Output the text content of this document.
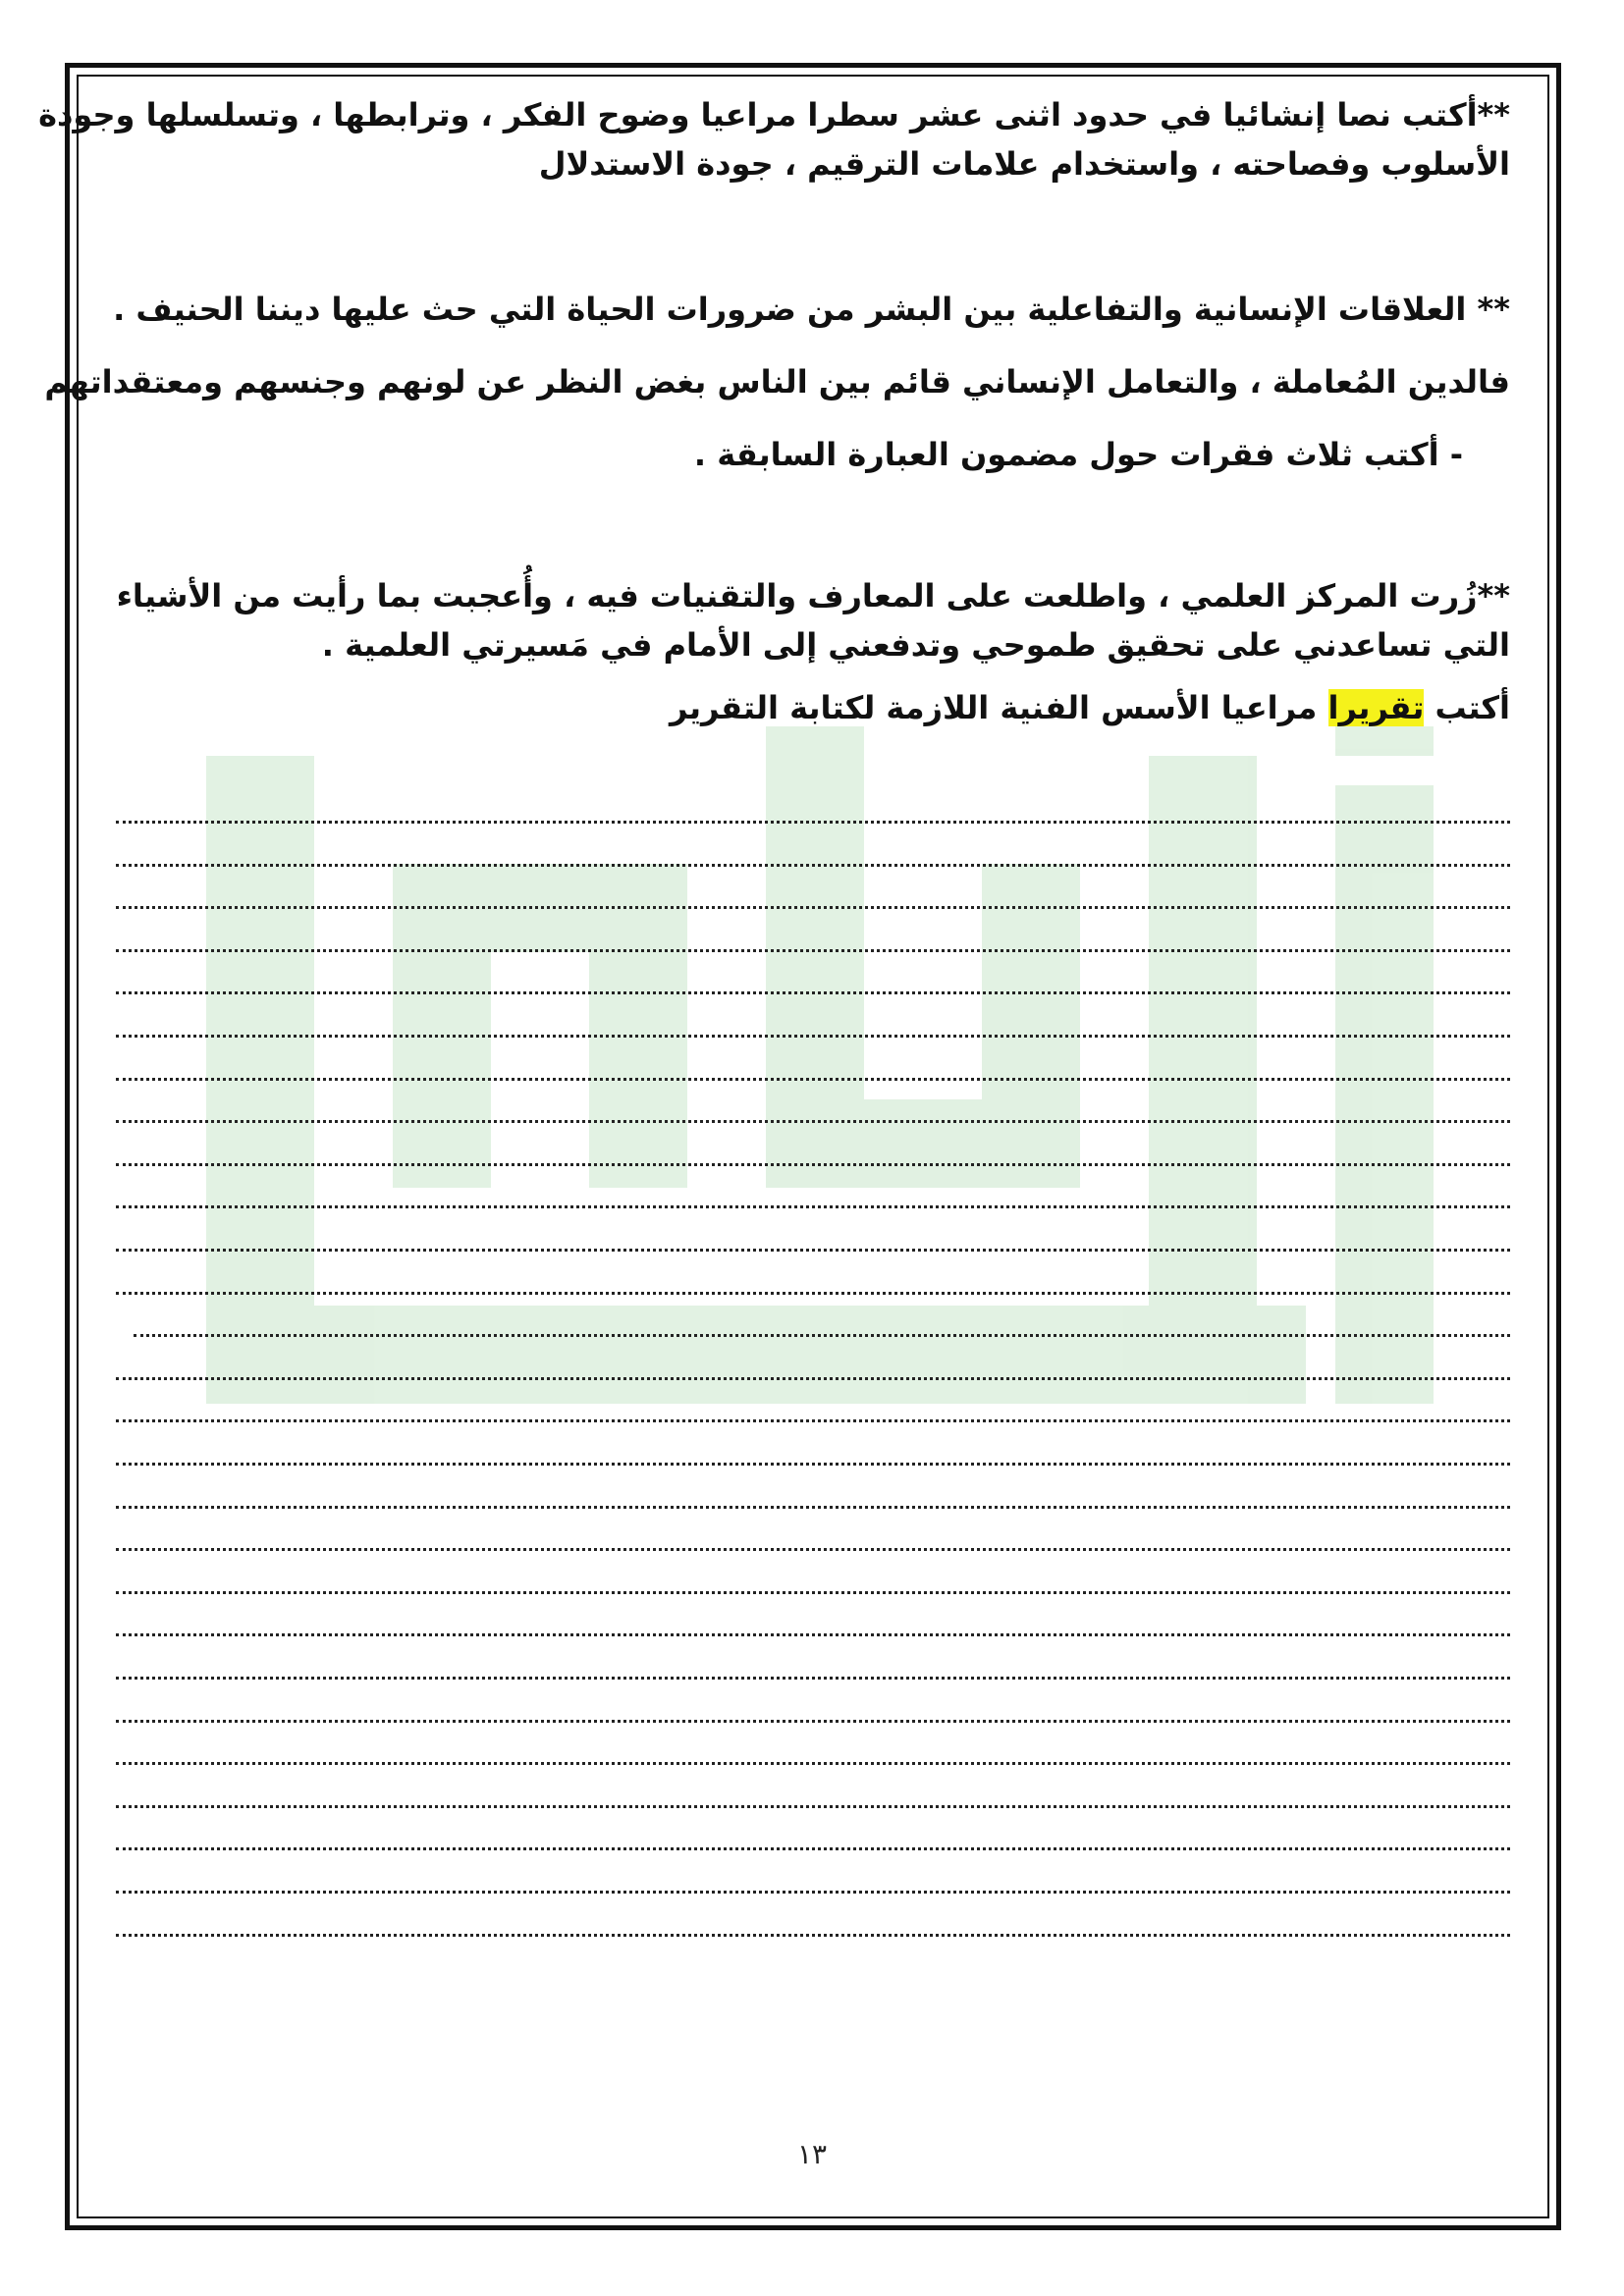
**أكتب نصا إنشائيا في حدود اثنى عشر سطرا مراعيا وضوح الفكر ، وترابطها ، وتسلسلها وجودة
الأسلوب وفصاحته ، واستخدام علامات الترقيم ، جودة الاستدلال
** العلاقات الإنسانية والتفاعلية بين البشر من ضرورات الحياة التي حث عليها ديننا الحنيف .
فالدين المُعاملة ، والتعامل الإنساني قائم بين الناس بغض النظر عن لونهم وجنسهم ومعتقداتهم
- أكتب ثلاث فقرات حول مضمون العبارة السابقة .
**زُرت المركز العلمي ، واطلعت على المعارف والتقنيات فيه ، وأُعجبت بما رأيت من الأشياء
التي تساعدني على تحقيق طموحي وتدفعني إلى الأمام في مَسيرتي العلمية .
أكتب تقريرا مراعيا الأسس الفنية اللازمة لكتابة التقرير
١٣
